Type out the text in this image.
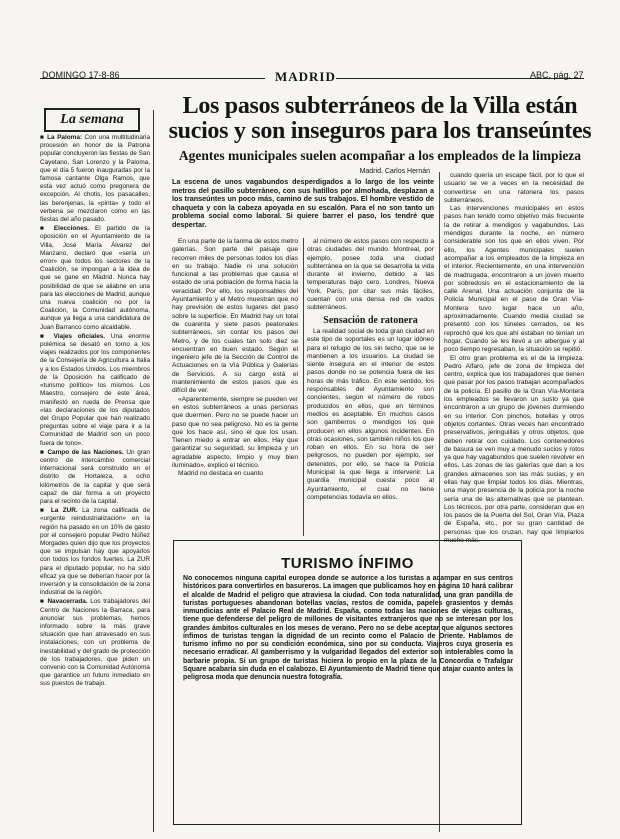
DOMINGO 17-8-86	MADRID	ABC, pág. 27
La semana

■ La Paloma: Con una multitudinaria procesión en honor de la Patrona popular concluyeron las fiestas de San Cayetano, San Lorenzo y la Paloma, que el día 5 fueron inauguradas por la famosa cantante Olga Ramos, que esta vez actuó como pregonera de excepción. Al chotis, los pasacalles, las berenjenas, la «pinta» y todo el verbena se mezclaron como en las fiestas del año pasado.

■ Elecciones. El partido de la oposición en el Ayuntamiento de la Villa, José María Álvarez del Manzano, declaró que «sería un error» que todos los sectores de la Coalición, se impongan a la idea de que se gane en Madrid. Nunca hay posibilidad de que se aliabne en una para las elecciones de Madrid, aunque una nueva coalición no por la Coalición, la Comunidad autónoma, aunque ya llega a una candidatura de Juan Barranco como alcaldable.

■ Viajes oficiales. Una enorme polémica se desató en torno a los viajes realizados por los componentes de la Consejería de Agricultura a Italia y a los Estados Unidos. Los miembros de la Oposición ha calificado de «turismo político» los mismos. Los Maestro, consejero de este área, manifestó en rueda de Prensa que «las declaraciones de los diputados del Grupo Popular que han realizado preguntas sobre el viaje para ir a la Comunidad de Madrid son un poco fuera de tono».

■ Campo de las Naciones. Un gran centro de intercambio comercial internacional será construido en el distrito de Hortaleza, a ocho kilómetros de la capital y que será capaz de dar forma a un proyecto para el recinto de la capital.

■ La ZUR. La zona calificada de «urgente reindustrialización» en la región ha pasado en un 10% de gasto por el consejero popular Pedro Núñez Morgades quien dijo que los proyectos que se impulsan hay que apoyarlos con todos los fondos fuertes. La ZUR para el diputado popular, no ha sido eficaz ya que se deberían hacer por la inversión y la consolidación de la zona industrial de la región.

■ Navacerrada. Los trabajadores del Centro de Naciones la Barraca, para anunciar sus problemas, hemos informado sobre la más grave situación que han atravesado en sus instalaciones, con un problema de inestabilidad y del grado de protección de los trabajadores, que piden un convenio con la Comunidad Autónoma que garantice un futuro inmediato en sus puestos de trabajo.

Los pasos subterráneos de la Villa están
sucios y son inseguros para los transeúntes
Agentes municipales suelen acompañar a los empleados de la limpieza
Madrid. Carlos Hernán
La escena de unos vagabundos desperdigados a lo largo de los veinte metros del pasillo subterráneo, con sus hatillos por almohada, desplazan a los transeúntes un poco más, camino de sus trabajos. El hombre vestido de chaqueta y con la cabeza apoyada en su escalón. Para el no son tanto un problema social como laboral. Si quiere barrer el paso, los tendré que despertar.

En una parte de la tarima de estos metro galerías. Son parte del paisaje que recorren miles de personas todos los días en su trabajo. Nadie ni una solución funcional a las problemas que causa el estado de una población de forma hacia la veracidad. Por ello, los responsables del Ayuntamiento y el Metro muestran que no hay previsión de estos lugares del paso sobre la superficie. En Madrid hay un total de cuarenta y siete pasos peatonales subterráneos, sin contar los pasos del Metro, y de los cuales tan solo diez se encuentran en buen estado. Según el ingeniero jefe de la Sección de Control de Actuaciones en la Vía Pública y Galerías de Servicios. A su cargo está el mantenimiento de estos pasos que es difícil de ver.

«Aparentemente, siempre se pueden ver en estos subterráneos a unas personas que duermen. Pero no se puede hacer un paso que no sea peligroso. No es la gente que los hace así, sino el que los usan. Tienen miedo a entrar en ellos. Hay que garantizar su seguridad, su limpieza y un agradable aspecto, limpio y muy bien iluminado», explicó el técnico.

Madrid no destaca en cuanto

al número de estos pasos con respecto a otras ciudades del mundo. Montreal, por ejemplo, posee toda una ciudad subterránea en la que se desarrolla la vida durante el invierno, debido a las temperaturas bajo cero. Londres, Nueva York, París, por citar sus más fáciles, cuentan con una densa red de vados subterráneos.

Sensación de ratonera

La realidad social de toda gran ciudad en este tipo de soportales es un lugar idóneo para el refugio de los sin techo, que se le mantienen a los usuarios. La ciudad se siente insegura en el interior de estos pasos donde no se potencia fuera de las horas de más tráfico. En este sentido, los responsables del Ayuntamiento son concientes, según el número de robos producidos en ellos, que en términos medios es aceptable. En muchos casos son gamberros o mendigos los que producen en ellos algunos incidentes. En otras ocasiones, son también niños los que roban en ellos. En su hora de ser peligrosos, no pueden por ejemplo, ser detenidos, por ello, se hace la Policía Municipal la que llega a intervenir. La guardia municipal cuesta poco al Ayuntamiento, el cual no tiene competencias todavía en ellos.

cuando quería un escape fácil, por lo que el usuario se ve a veces en la necesidad de convertirse en una ratonera los pasos subterráneos.

Las intervenciones municipales en estos pasos han tenido como objetivo más frecuente la de retirar a mendigos y vagabundos. Las mendigos durante la noche, en número considerable son los que en ellos viven. Por ello, los Agentes municipales suelen acompañar a los empleados de la limpieza en el interior. Recientemente, en una intervención de madrugada, encontraron a un joven muerto por sobredosis en el estacionamiento de la calle Arenal. Una actuación conjunta de la Policía Municipal en el paso de Gran Vía-Montera tuvo lugar hace un año, aproximadamente. Cuando media ciudad se presentó con los túneles cerrados, se les reprochó que los que ahí estaban no tenían un hogar. Cuando se les llevó a un albergue y al poco tiempo regresaban, la situación se repitió.

El otro gran problema es el de la limpieza. Pedro Alfaro, jefe de zona de limpieza del centro, explica que los trabajadores que tienen que pasar por los pasos trabajan acompañados de la policía. El pasillo de la Gran Vía-Montera los empleados se llevaron un susto ya que encontraron a un grupo de jóvenes durmiendo en su interior. Con pinchos, botellas y otros objetos cortantes. Otras veces han encontrado preservativos, jeringuillas y otros objetos, que deben retirar con cuidado. Los contenedores de basura se ven muy a menudo sucios y rotos ya que hay vagabundos que suelen revolver en ellos. Las zonas de las galerías que dan a los grandes almacenes son las más sucias, y en ellas hay que limpiar todos los días. Mientras, una mayor presencia de la policía por la noche sería una de las alternativas que se plantean. Los técnicos, por otra parte, consideran que en los pasos de la Puerta del Sol, Gran Vía, Plaza de España, etc., por su gran cantidad de personas que los cruzan, hay que limpiarlos mucho más.

TURISMO ÍNFIMO
No conocemos ninguna capital europea donde se autorice a los turistas a acampar en sus centros históricos para convertirlos en basureros. La imagen que publicamos hoy en página 10 hará calibrar el alcalde de Madrid el peligro que atraviesa la ciudad. Con toda naturalidad, una gran pandilla de turistas portugueses abandonan botellas vacías, restos de comida, papeles grasientos y demás inmundicias ante el Palacio Real de Madrid. España, como todas las naciones de viejas culturas, tiene que defenderse del peligro de millones de visitantes extranjeros que no se interesan por los grandes ámbitos culturales en los meses de verano. Pero no se debe aceptar que algunos sectores ínfimos de turistas tengan la dignidad de un recinto como el Palacio de Oriente. Hablamos de turismo ínfimo no por su condición económica, sino por su conducta. Viajeros cuya grosería es necesario erradicar. Al gamberrismo y la vulgaridad llegados del exterior son intolerables como la barbarie propia. Si un grupo de turistas hiciera lo propio en la plaza de la Concordia o Trafalgar Square acabaría sin duda en el calabozo. El Ayuntamiento de Madrid tiene que atajar cuanto antes la peligrosa moda que denuncia nuestra fotografía.
